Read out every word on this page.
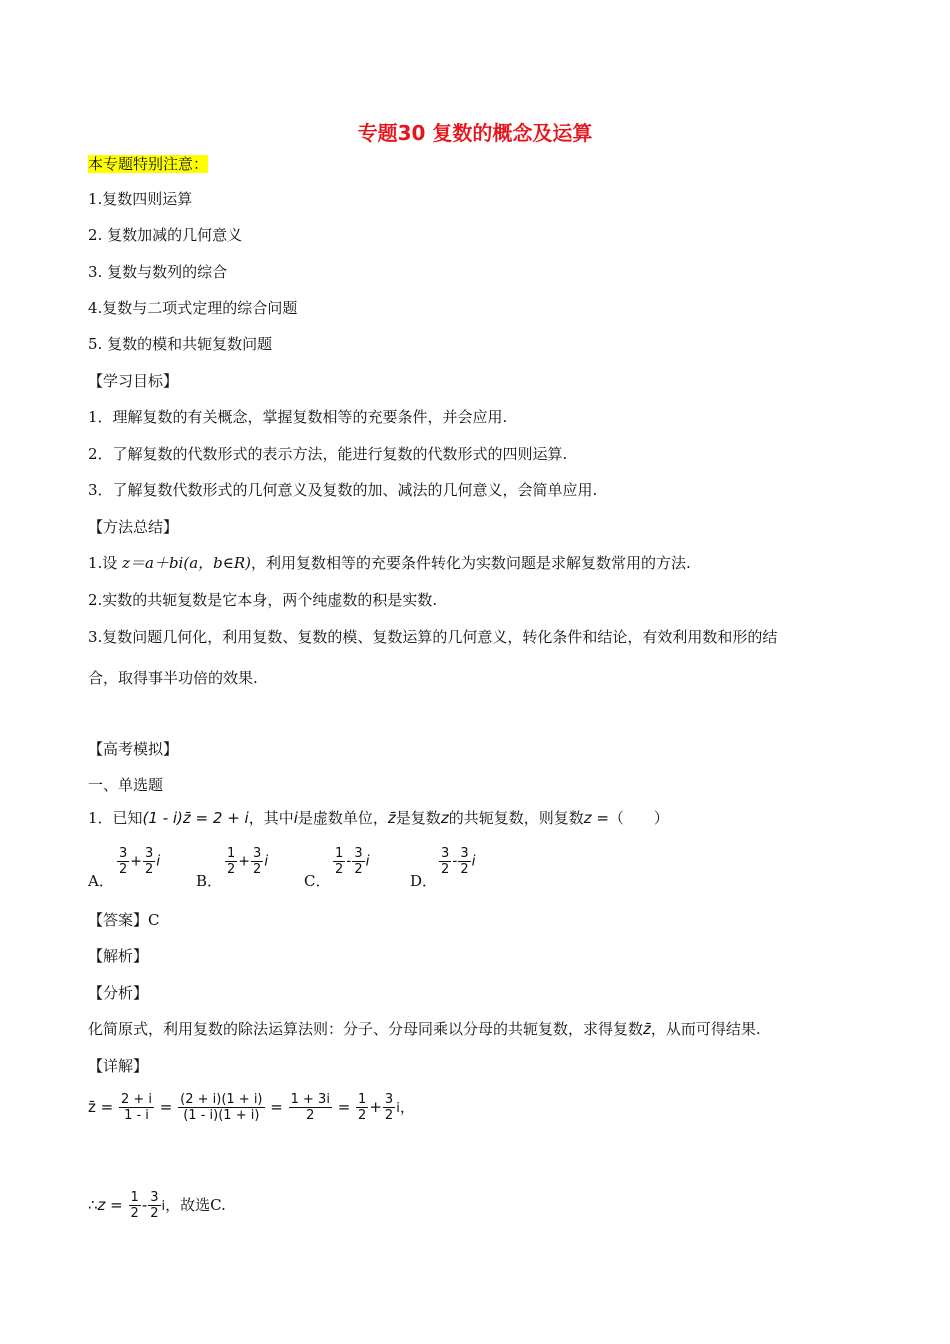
专题30 复数的概念及运算
本专题特别注意：
1.复数四则运算
2. 复数加减的几何意义
3. 复数与数列的综合
4.复数与二项式定理的综合问题
5. 复数的模和共轭复数问题
【学习目标】
1．理解复数的有关概念，掌握复数相等的充要条件，并会应用.
2．了解复数的代数形式的表示方法，能进行复数的代数形式的四则运算.
3．了解复数代数形式的几何意义及复数的加、减法的几何意义，会简单应用.
【方法总结】
1.设 z＝a＋bi(a，b∈R)，利用复数相等的充要条件转化为实数问题是求解复数常用的方法.
2.实数的共轭复数是它本身，两个纯虚数的积是实数.
3.复数问题几何化，利用复数、复数的模、复数运算的几何意义，转化条件和结论，有效利用数和形的结
合，取得事半功倍的效果.
【高考模拟】
一、单选题
1．已知(1 - i)z̄ = 2 + i，其中i是虚数单位，z̄是复数z的共轭复数，则复数z =（　　）
A．
$\frac{3}{2} + \frac{3}{2}$ i
B．
$\frac{1}{2} + \frac{3}{2}$ i
C．
$\frac{1}{2} - \frac{3}{2}$ i
D．
$\frac{3}{2} - \frac{3}{2}$ i
【答案】C
【解析】
【分析】
化简原式，利用复数的除法运算法则：分子、分母同乘以分母的共轭复数，求得复数z̄，从而可得结果.
【详解】
z̄ = $\frac{2 + i}{1 - i} = \frac{(2 + i)(1 + i)}{(1 - i)(1 + i)} = \frac{1 + 3i}{2} = \frac{1}{2} + \frac{3}{2}$ i，
∴z = $\frac{1}{2} - \frac{3}{2}$ i，故选C.
